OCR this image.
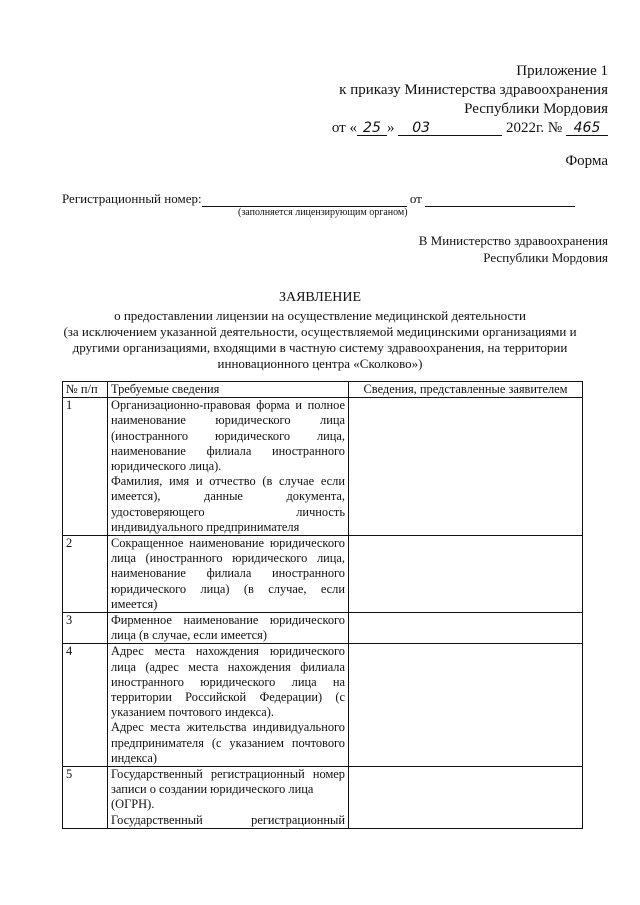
Приложение 1
к приказу Министерства здравоохранения
Республики Мордовия
от « 25 » 03	2022г. № 465
Форма
Регистрационный номер:	от
(заполняется лицензирующим органом)
В Министерство здравоохранения
Республики Мордовия
ЗАЯВЛЕНИЕ
о предоставлении лицензии на осуществление медицинской деятельности
(за исключением указанной деятельности, осуществляемой медицинскими организациями и
другими организациями, входящими в частную систему здравоохранения, на территории
инновационного центра «Сколково»)
№ п/п	Требуемые сведения	Сведения, представленные заявителем
1	Организационно-правовая форма и полное наименование юридического лица (иностранного юридического лица, наименование филиала иностранного юридического лица).
Фамилия, имя и отчество (в случае если имеется), данные документа, удостоверяющего личность индивидуального предпринимателя	

2	Сокращенное наименование юридического лица (иностранного юридического лица, наименование филиала иностранного юридического лица) (в случае, если имеется)	

3	Фирменное наименование юридического лица (в случае, если имеется)	

4	Адрес места нахождения юридического лица (адрес места нахождения филиала иностранного юридического лица на территории Российской Федерации) (с указанием почтового индекса).
Адрес места жительства индивидуального предпринимателя (с указанием почтового индекса)	

5	Государственный регистрационный номер записи о создании юридического лица
(ОГРН).
Государственный регистрационный	
